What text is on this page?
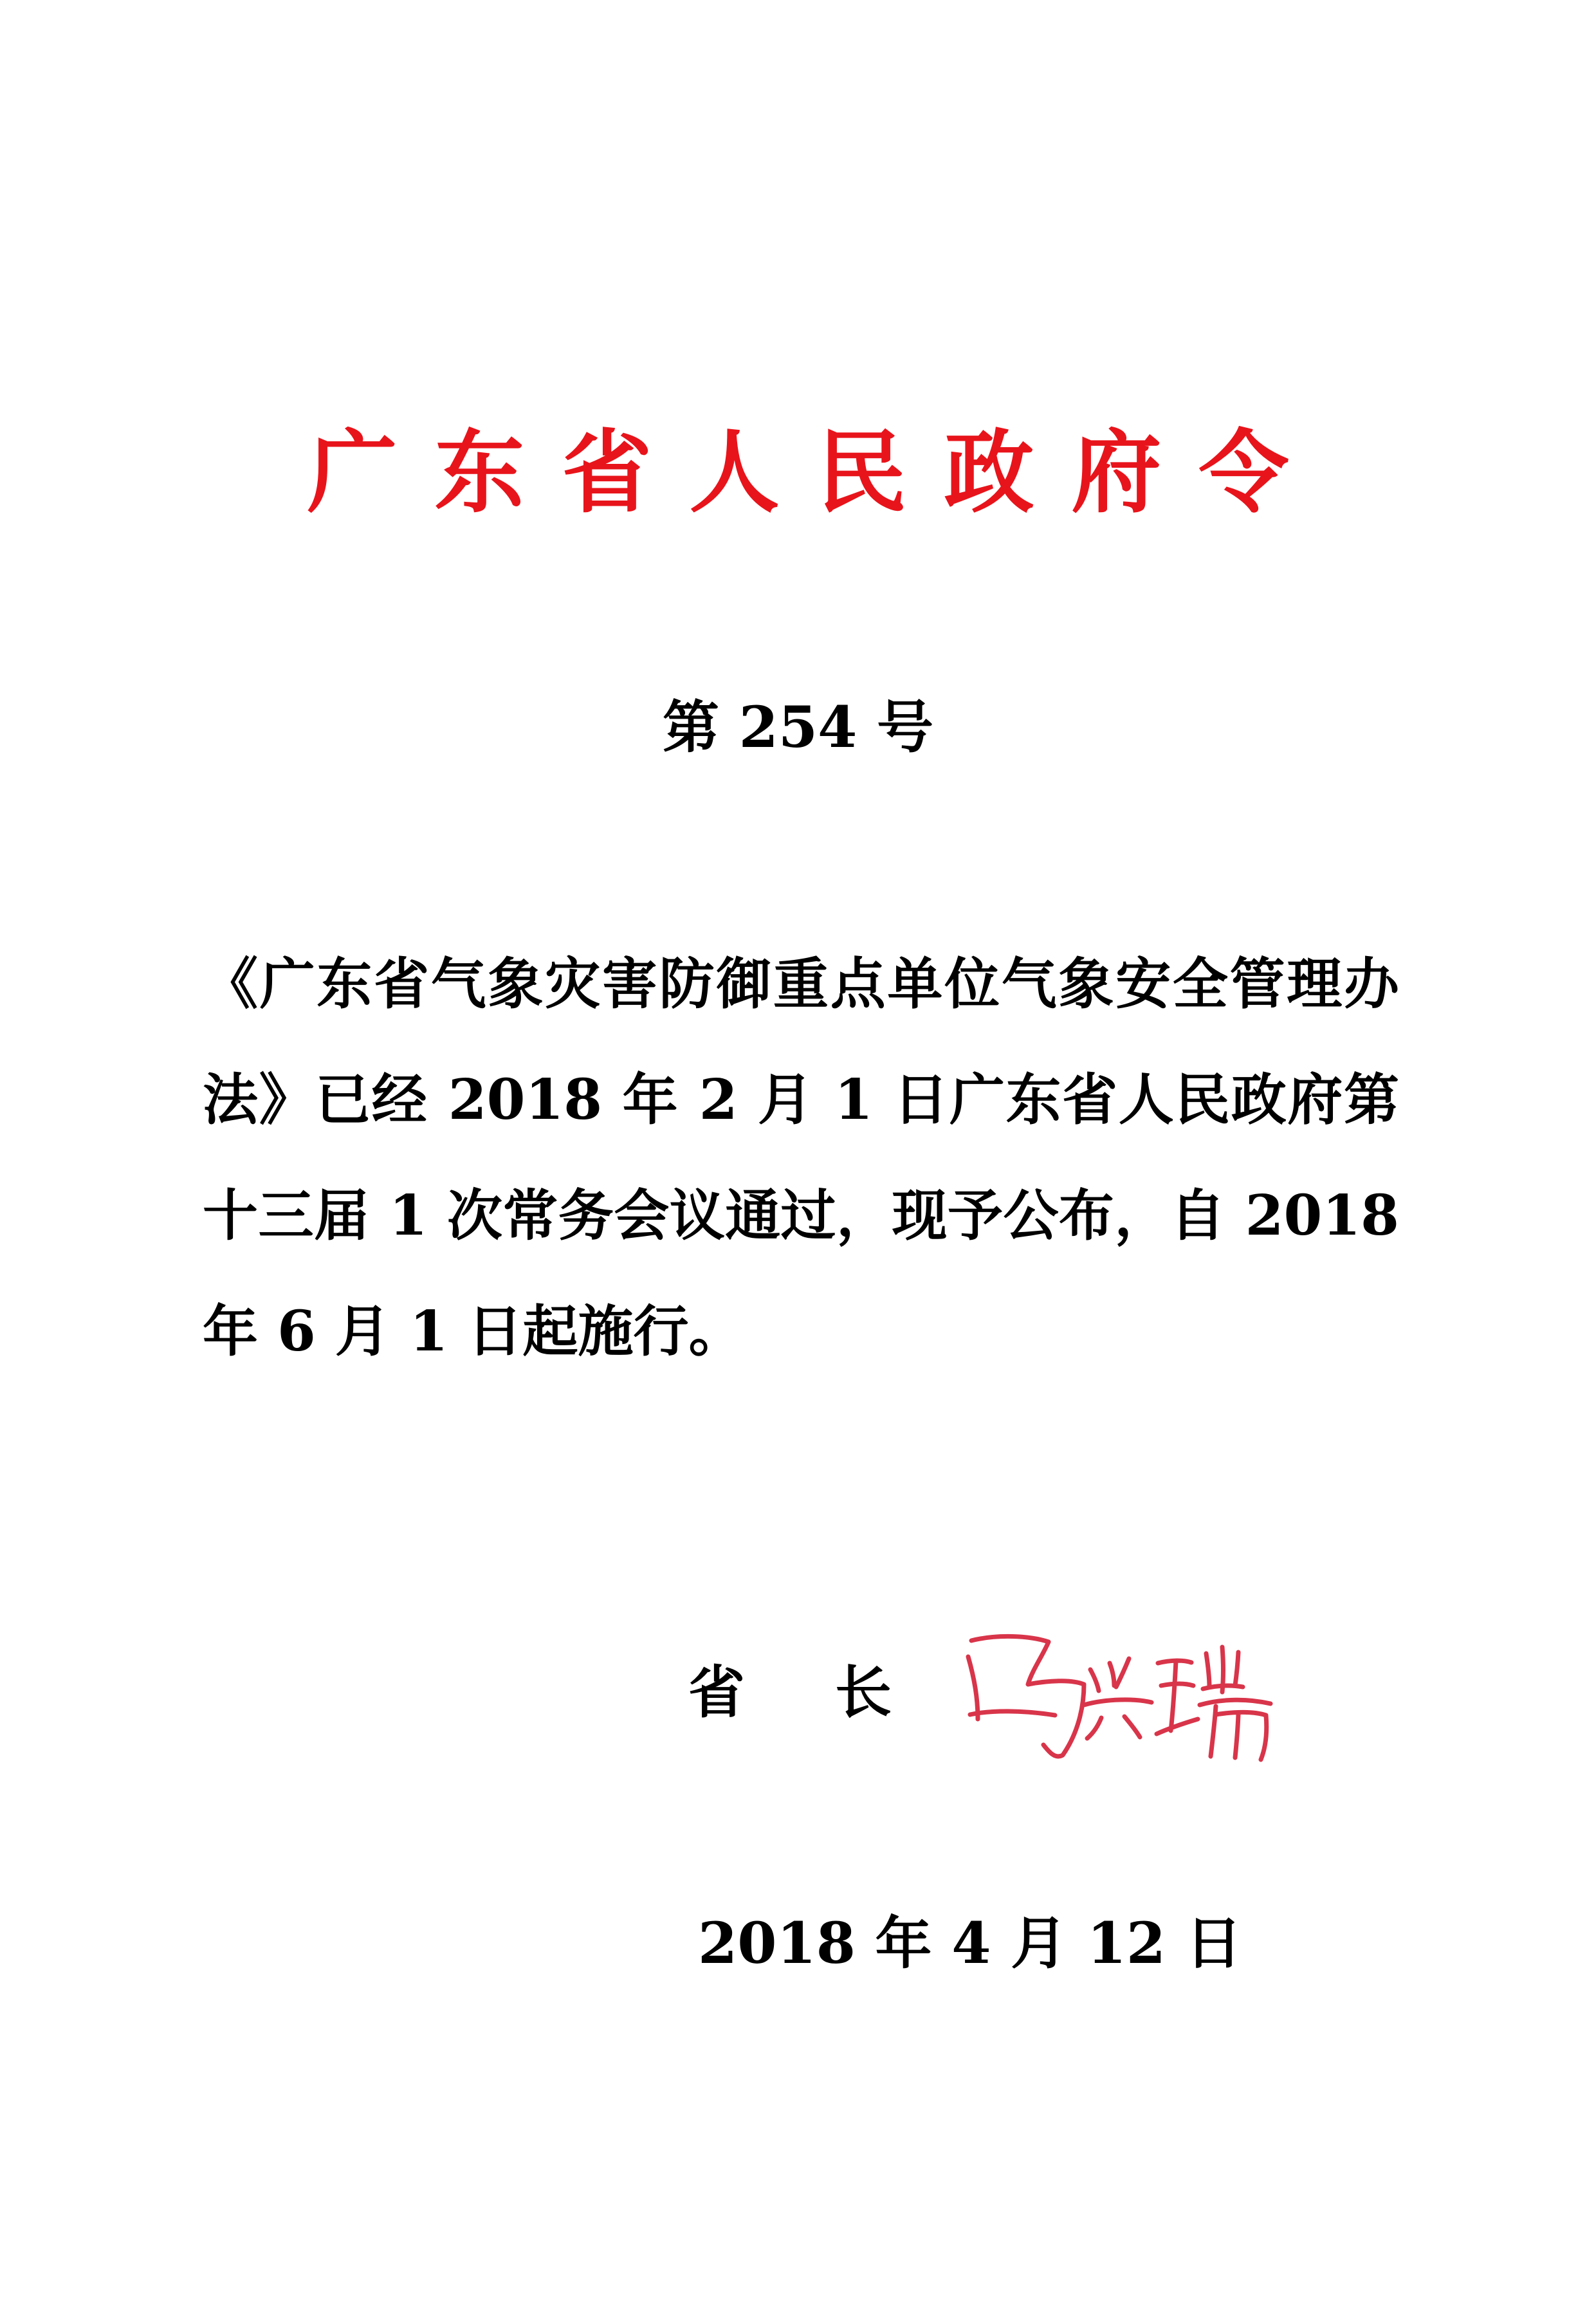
广东省人民政府令
第 254 号
《广东省气象灾害防御重点单位气象安全管理办法》已经 2018 年 2 月 1 日广东省人民政府第十三届 1 次常务会议通过，现予公布，自 2018 年 6 月 1 日起施行。
省长
2018 年 4 月 12 日
